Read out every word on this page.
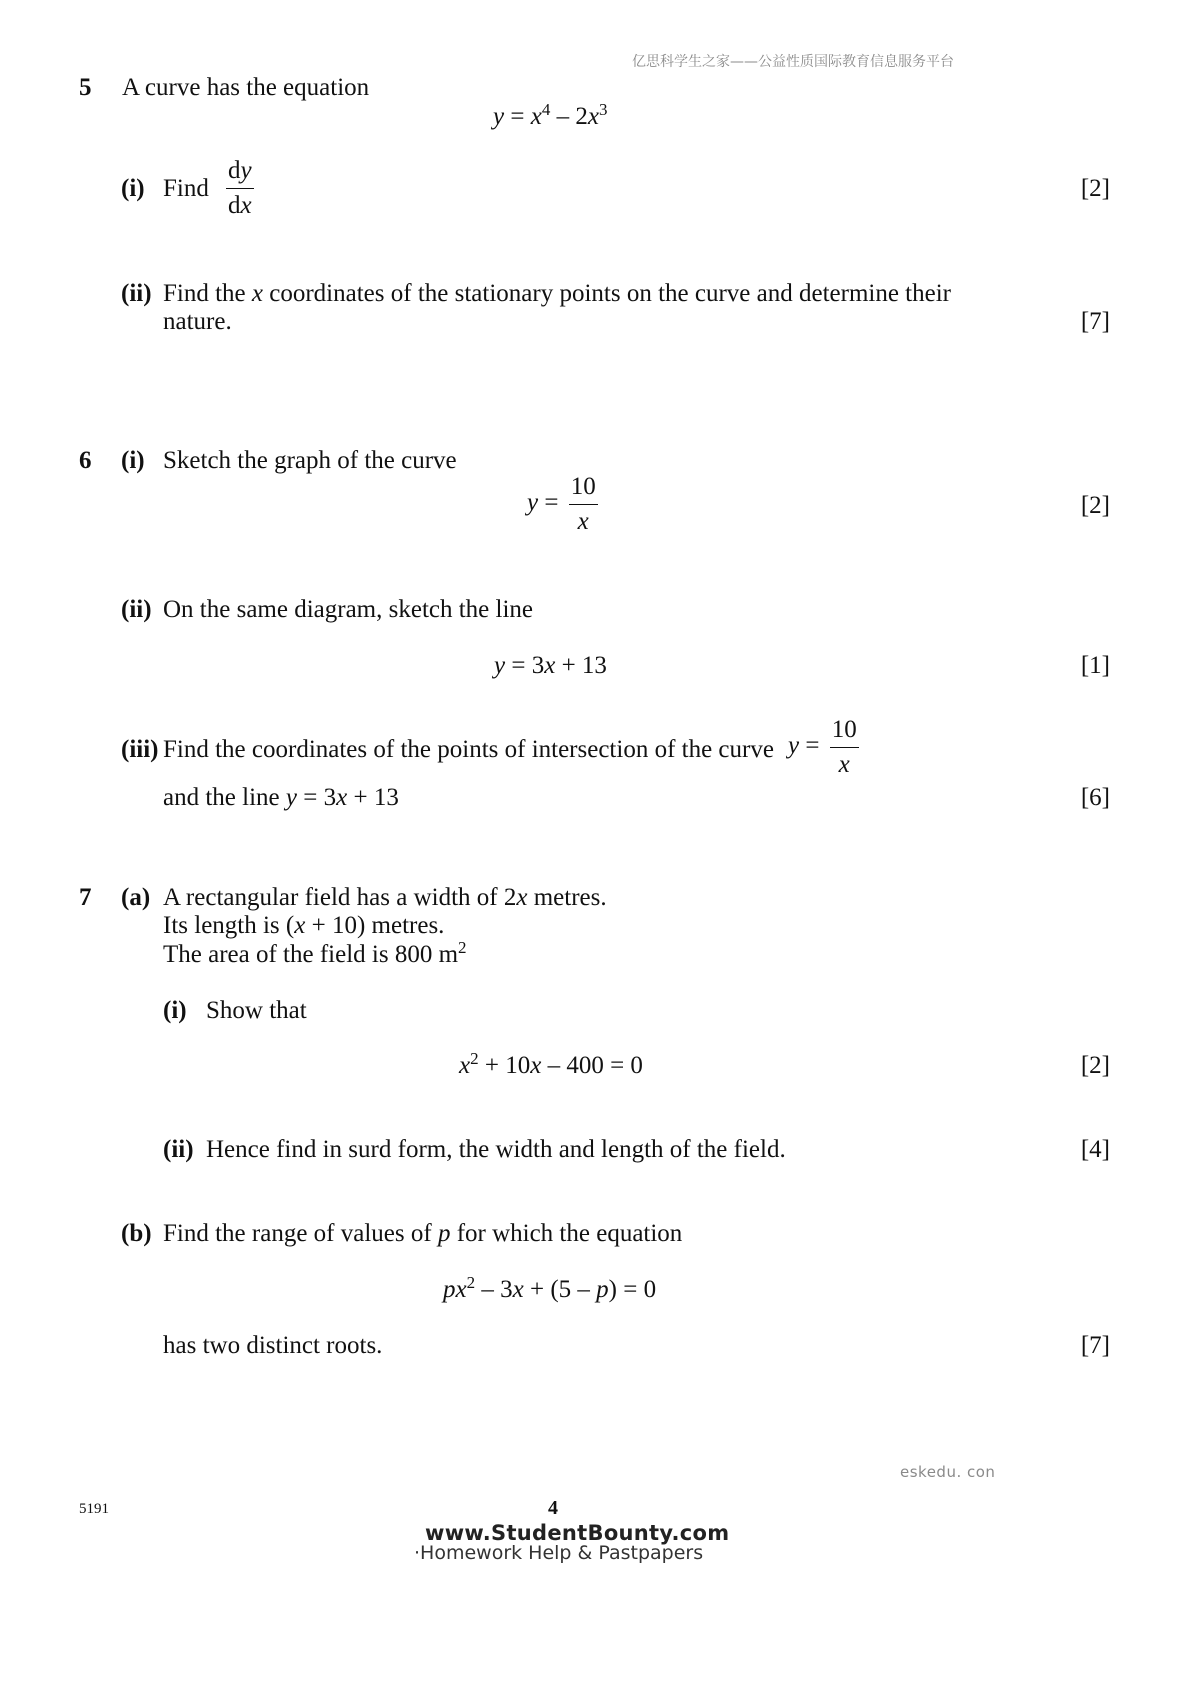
亿思科学生之家——公益性质国际教育信息服务平台
5 A curve has the equation
$y = x^4 - 2x^3$
(i) Find $\frac{dy}{dx}$	[2]
(ii) Find the x coordinates of the stationary points on the curve and determine their
nature.	[7]
6 (i) Sketch the graph of the curve
$y = \frac{10}{x}$	[2]
(ii) On the same diagram, sketch the line
y = 3x + 13	[1]
(iii) Find the coordinates of the points of intersection of the curve $y = \frac{10}{x}$
and the line y = 3x + 13	[6]
7 (a) A rectangular field has a width of 2x metres.
Its length is (x + 10) metres.
The area of the field is 800 $m^2$
(i) Show that
$x^2 + 10x - 400 = 0$	[2]
(ii) Hence find in surd form, the width and length of the field.	[4]
(b) Find the range of values of p for which the equation
$px^2 - 3x + (5 - p) = 0$
has two distinct roots.	[7]
eskedu. con
5191	4
www.StudentBounty.com
·Homework Help & Pastpapers
